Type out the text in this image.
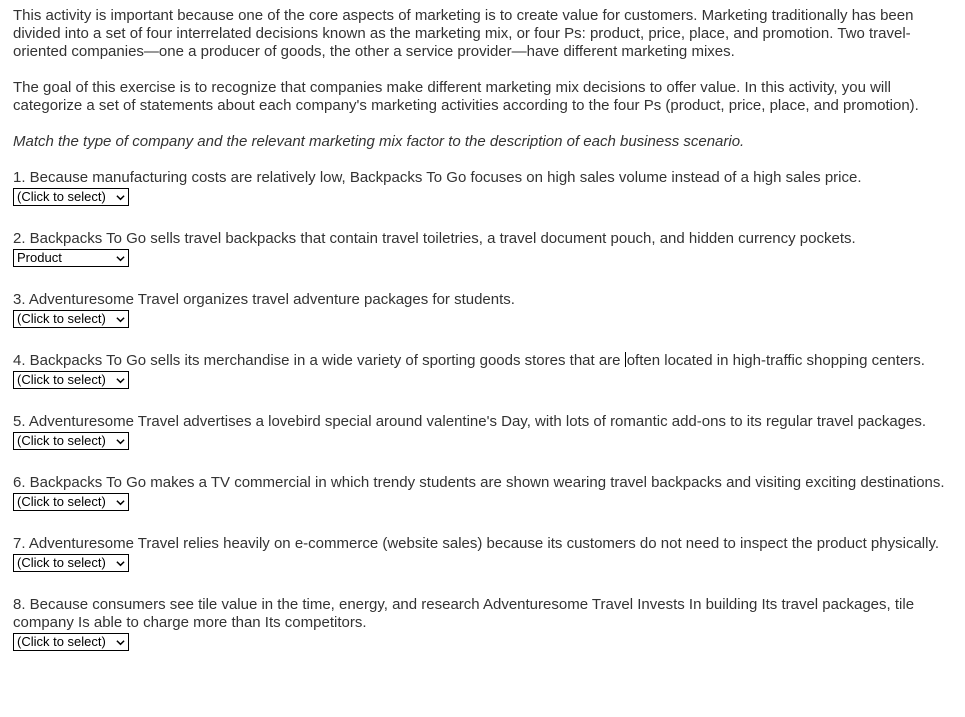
This activity is important because one of the core aspects of marketing is to create value for customers. Marketing traditionally has been divided into a set of four interrelated decisions known as the marketing mix, or four Ps: product, price, place, and promotion. Two travel-oriented companies—one a producer of goods, the other a service provider—have different marketing mixes.

The goal of this exercise is to recognize that companies make different marketing mix decisions to offer value. In this activity, you will categorize a set of statements about each company's marketing activities according to the four Ps (product, price, place, and promotion).

Match the type of company and the relevant marketing mix factor to the description of each business scenario.

1. Because manufacturing costs are relatively low, Backpacks To Go focuses on high sales volume instead of a high sales price.

(Click to select)

2. Backpacks To Go sells travel backpacks that contain travel toiletries, a travel document pouch, and hidden currency pockets.

Product

3. Adventuresome Travel organizes travel adventure packages for students.

(Click to select)

4. Backpacks To Go sells its merchandise in a wide variety of sporting goods stores that are often located in high-traffic shopping centers.

(Click to select)

5. Adventuresome Travel advertises a lovebird special around valentine's Day, with lots of romantic add-ons to its regular travel packages.

(Click to select)

6. Backpacks To Go makes a TV commercial in which trendy students are shown wearing travel backpacks and visiting exciting destinations.

(Click to select)

7. Adventuresome Travel relies heavily on e-commerce (website sales) because its customers do not need to inspect the product physically.

(Click to select)

8. Because consumers see tile value in the time, energy, and research Adventuresome Travel Invests In building Its travel packages, tile company Is able to charge more than Its competitors.

(Click to select)
